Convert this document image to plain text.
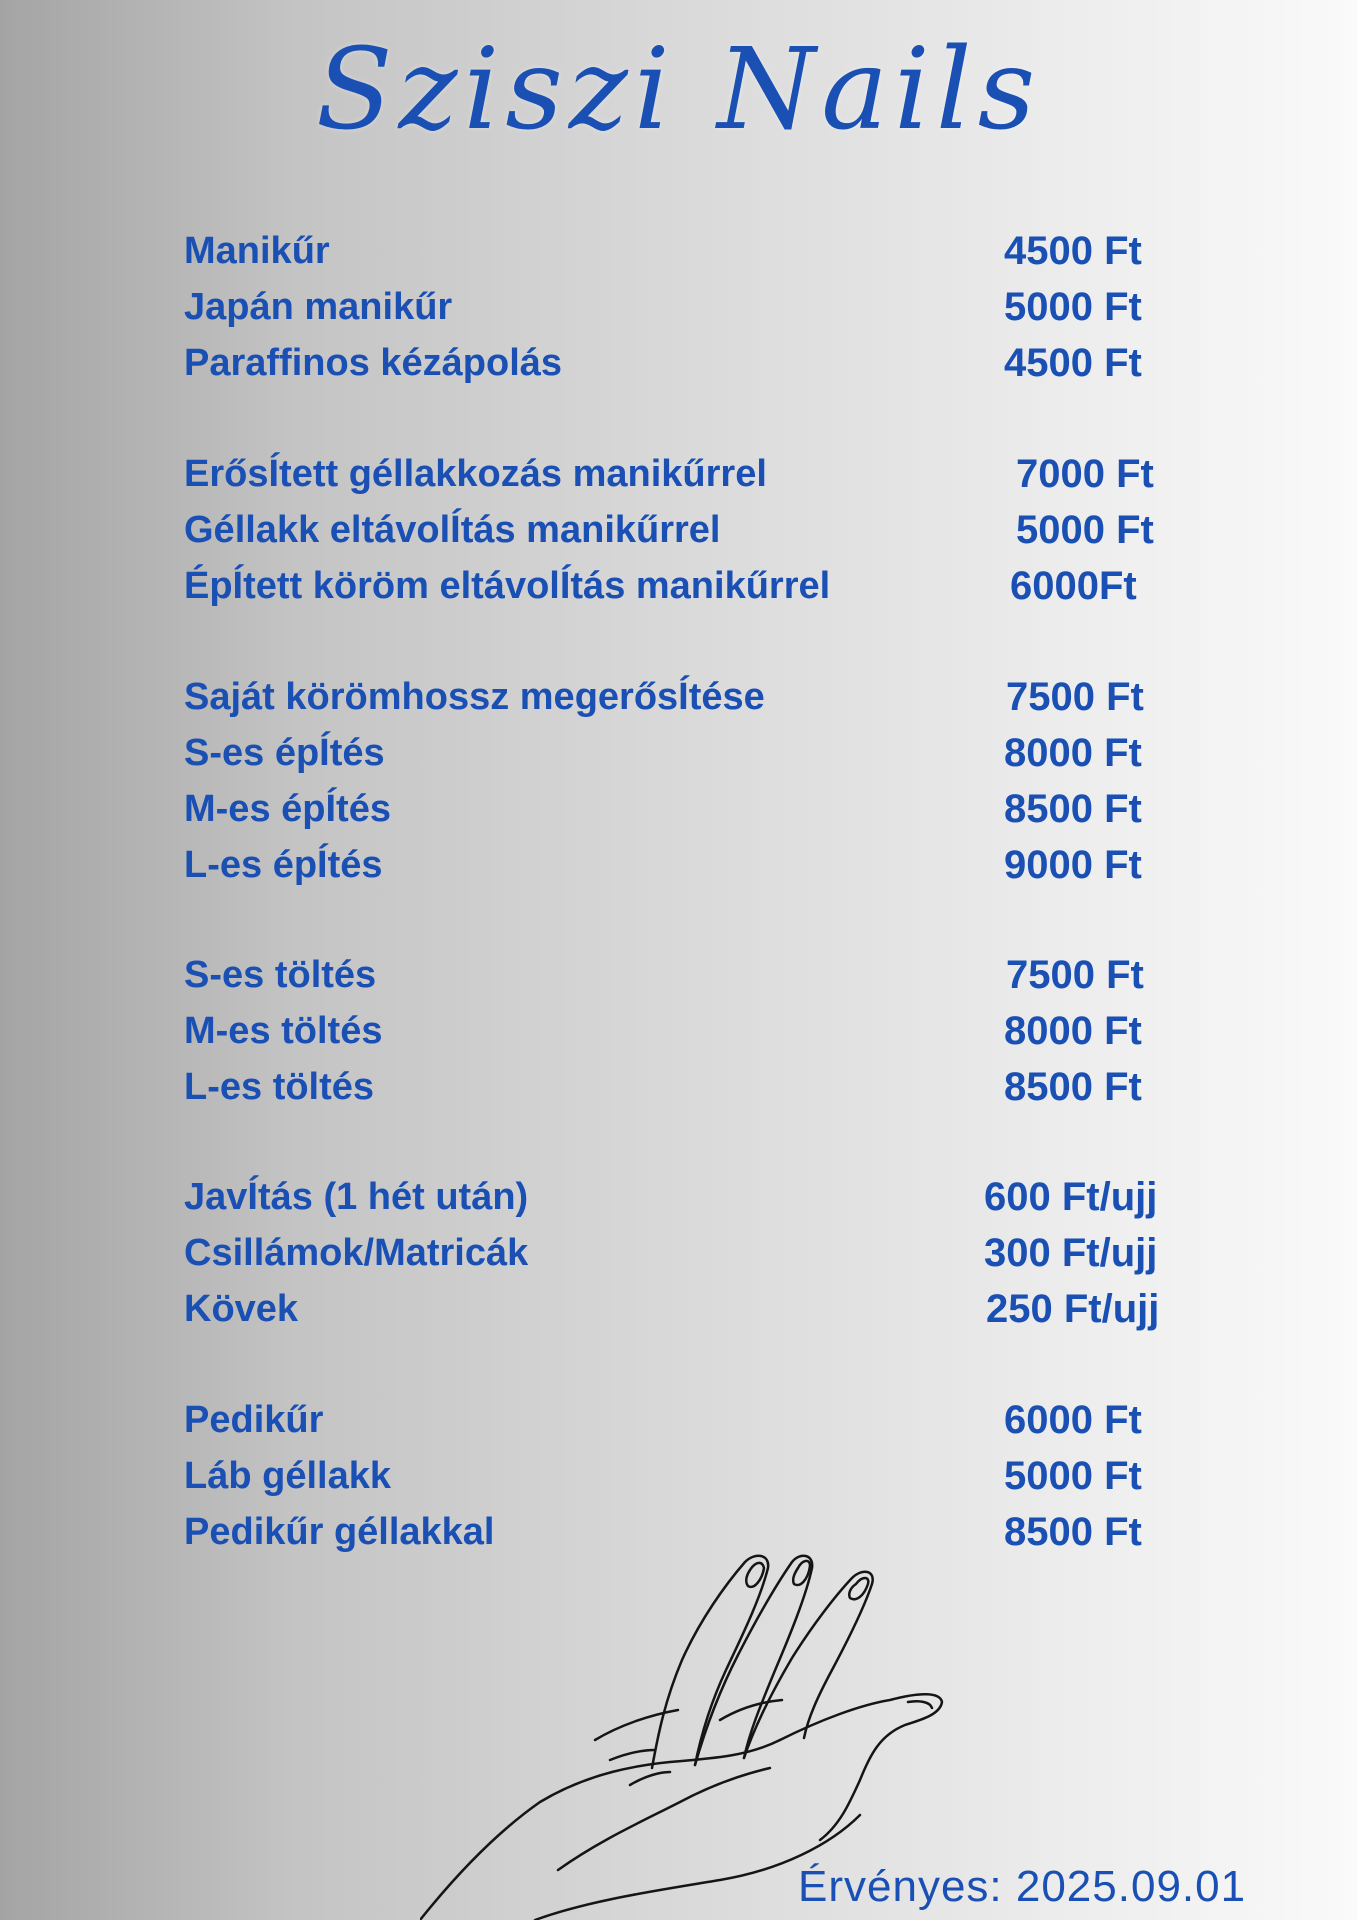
Sziszi Nails
Manikűr	4500 Ft
Japán manikűr	5000 Ft
Paraffinos kézápolás	4500 Ft
ErősÍtett géllakkozás manikűrrel	7000 Ft
Géllakk eltávolÍtás manikűrrel	5000 Ft
ÉpÍtett köröm eltávolÍtás manikűrrel	6000Ft
Saját körömhossz megerősÍtése	7500 Ft
S-es épÍtés	8000 Ft
M-es épÍtés	8500 Ft
L-es épÍtés	9000 Ft
S-es töltés	7500 Ft
M-es töltés	8000 Ft
L-es töltés	8500 Ft
JavÍtás (1 hét után)	600 Ft/ujj
Csillámok/Matricák	300 Ft/ujj
Kövek	250 Ft/ujj
Pedikűr	6000 Ft
Láb géllakk	5000 Ft
Pedikűr géllakkal	8500 Ft
Érvényes: 2025.09.01
